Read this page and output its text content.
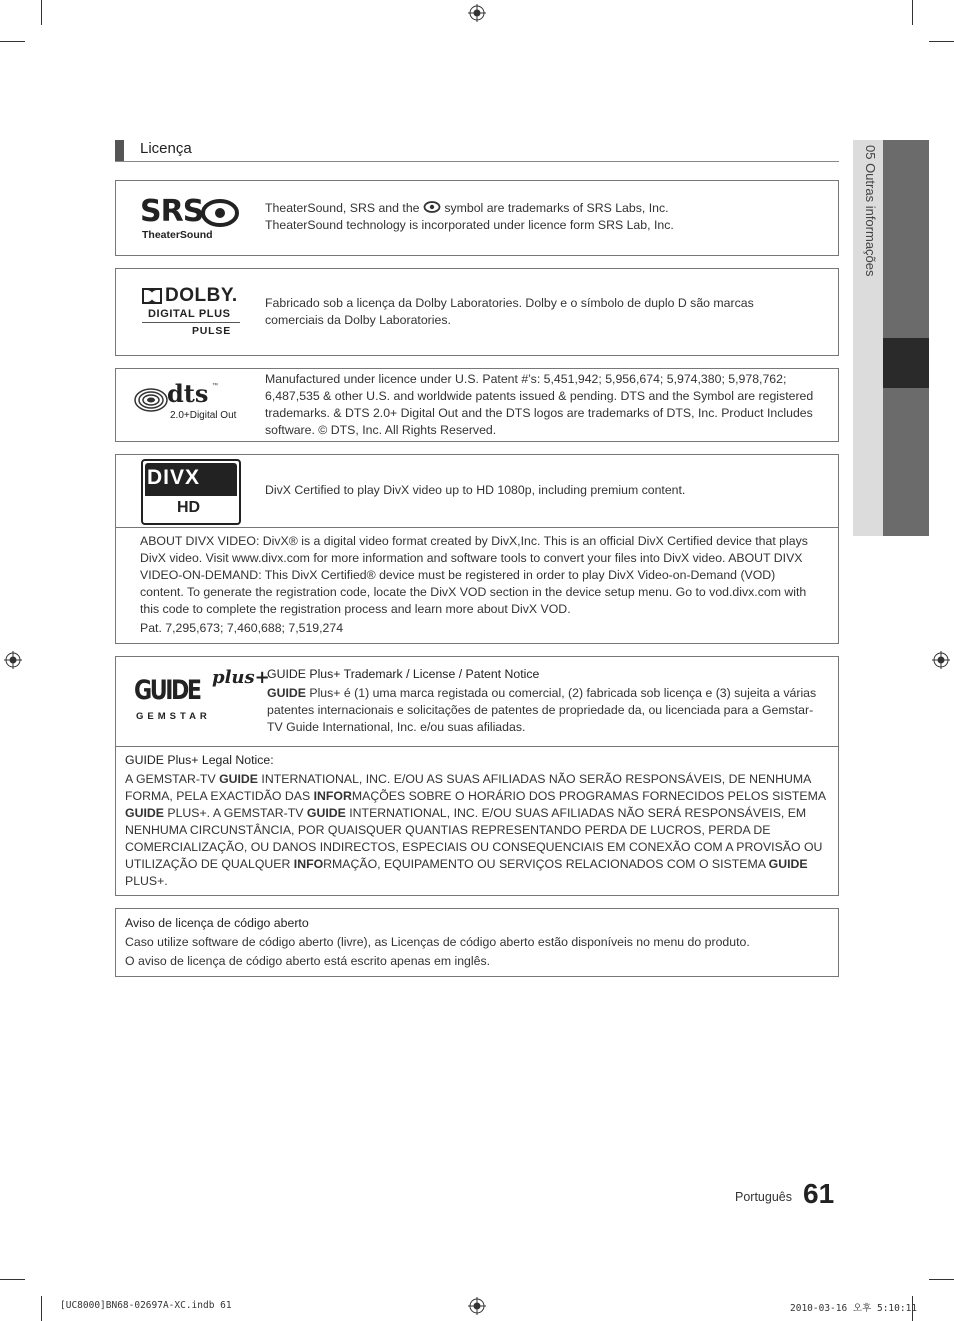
05 Outras informações
Licença
SRS
TheaterSound
TheaterSound, SRS and the symbol are trademarks of SRS Labs, Inc.
TheaterSound technology is incorporated under licence form SRS Lab, Inc.
DOLBY.
DIGITAL PLUS
PULSE
Fabricado sob a licença da Dolby Laboratories. Dolby e o símbolo de duplo D são marcas comerciais da Dolby Laboratories.
dts ™
2.0+Digital Out
Manufactured under licence under U.S. Patent #’s: 5,451,942; 5,956,674; 5,974,380; 5,978,762; 6,487,535 & other U.S. and worldwide patents issued & pending. DTS and the Symbol are registered trademarks. & DTS 2.0+ Digital Out and the DTS logos are trademarks of DTS, Inc. Product Includes software. © DTS, Inc. All Rights Reserved.
DIVX
HD
DivX Certified to play DivX video up to HD 1080p, including premium content.
ABOUT DIVX VIDEO: DivX® is a digital video format created by DivX,Inc. This is an official DivX Certified device that plays DivX video. Visit www.divx.com for more information and software tools to convert your files into DivX video. ABOUT DIVX VIDEO-ON-DEMAND: This DivX Certified® device must be registered in order to play DivX Video-on-Demand (VOD) content. To generate the registration code, locate the DivX VOD section in the device setup menu. Go to vod.divx.com with this code to complete the registration process and learn more about DivX VOD.
Pat. 7,295,673; 7,460,688; 7,519,274
GUIDE plus+
GEMSTAR
GUIDE Plus+ Trademark / License / Patent Notice
GUIDE Plus+ é (1) uma marca registada ou comercial, (2) fabricada sob licença e (3) sujeita a várias patentes internacionais e solicitações de patentes de propriedade da, ou licenciada para a Gemstar-TV Guide International, Inc. e/ou suas afiliadas.
GUIDE Plus+ Legal Notice:
A GEMSTAR-TV GUIDE INTERNATIONAL, INC. E/OU AS SUAS AFILIADAS NÃO SERÃO RESPONSÁVEIS, DE NENHUMA FORMA, PELA EXACTIDÃO DAS INFORMAÇÕES SOBRE O HORÁRIO DOS PROGRAMAS FORNECIDOS PELOS SISTEMA GUIDE PLUS+. A GEMSTAR-TV GUIDE INTERNATIONAL, INC. E/OU SUAS AFILIADAS NÃO SERÁ RESPONSÁVEIS, EM NENHUMA CIRCUNSTÂNCIA, POR QUAISQUER QUANTIAS REPRESENTANDO PERDA DE LUCROS, PERDA DE COMERCIALIZAÇÃO, OU DANOS INDIRECTOS, ESPECIAIS OU CONSEQUENCIAIS EM CONEXÃO COM A PROVISÃO OU UTILIZAÇÃO DE QUALQUER INFORMAÇÃO, EQUIPAMENTO OU SERVIÇOS RELACIONADOS COM O SISTEMA GUIDE PLUS+.
Aviso de licença de código aberto
Caso utilize software de código aberto (livre), as Licenças de código aberto estão disponíveis no menu do produto.
O aviso de licença de código aberto está escrito apenas em inglês.
Português 61
[UC8000]BN68-02697A-XC.indb 61	2010-03-16 오후 5:10:11
